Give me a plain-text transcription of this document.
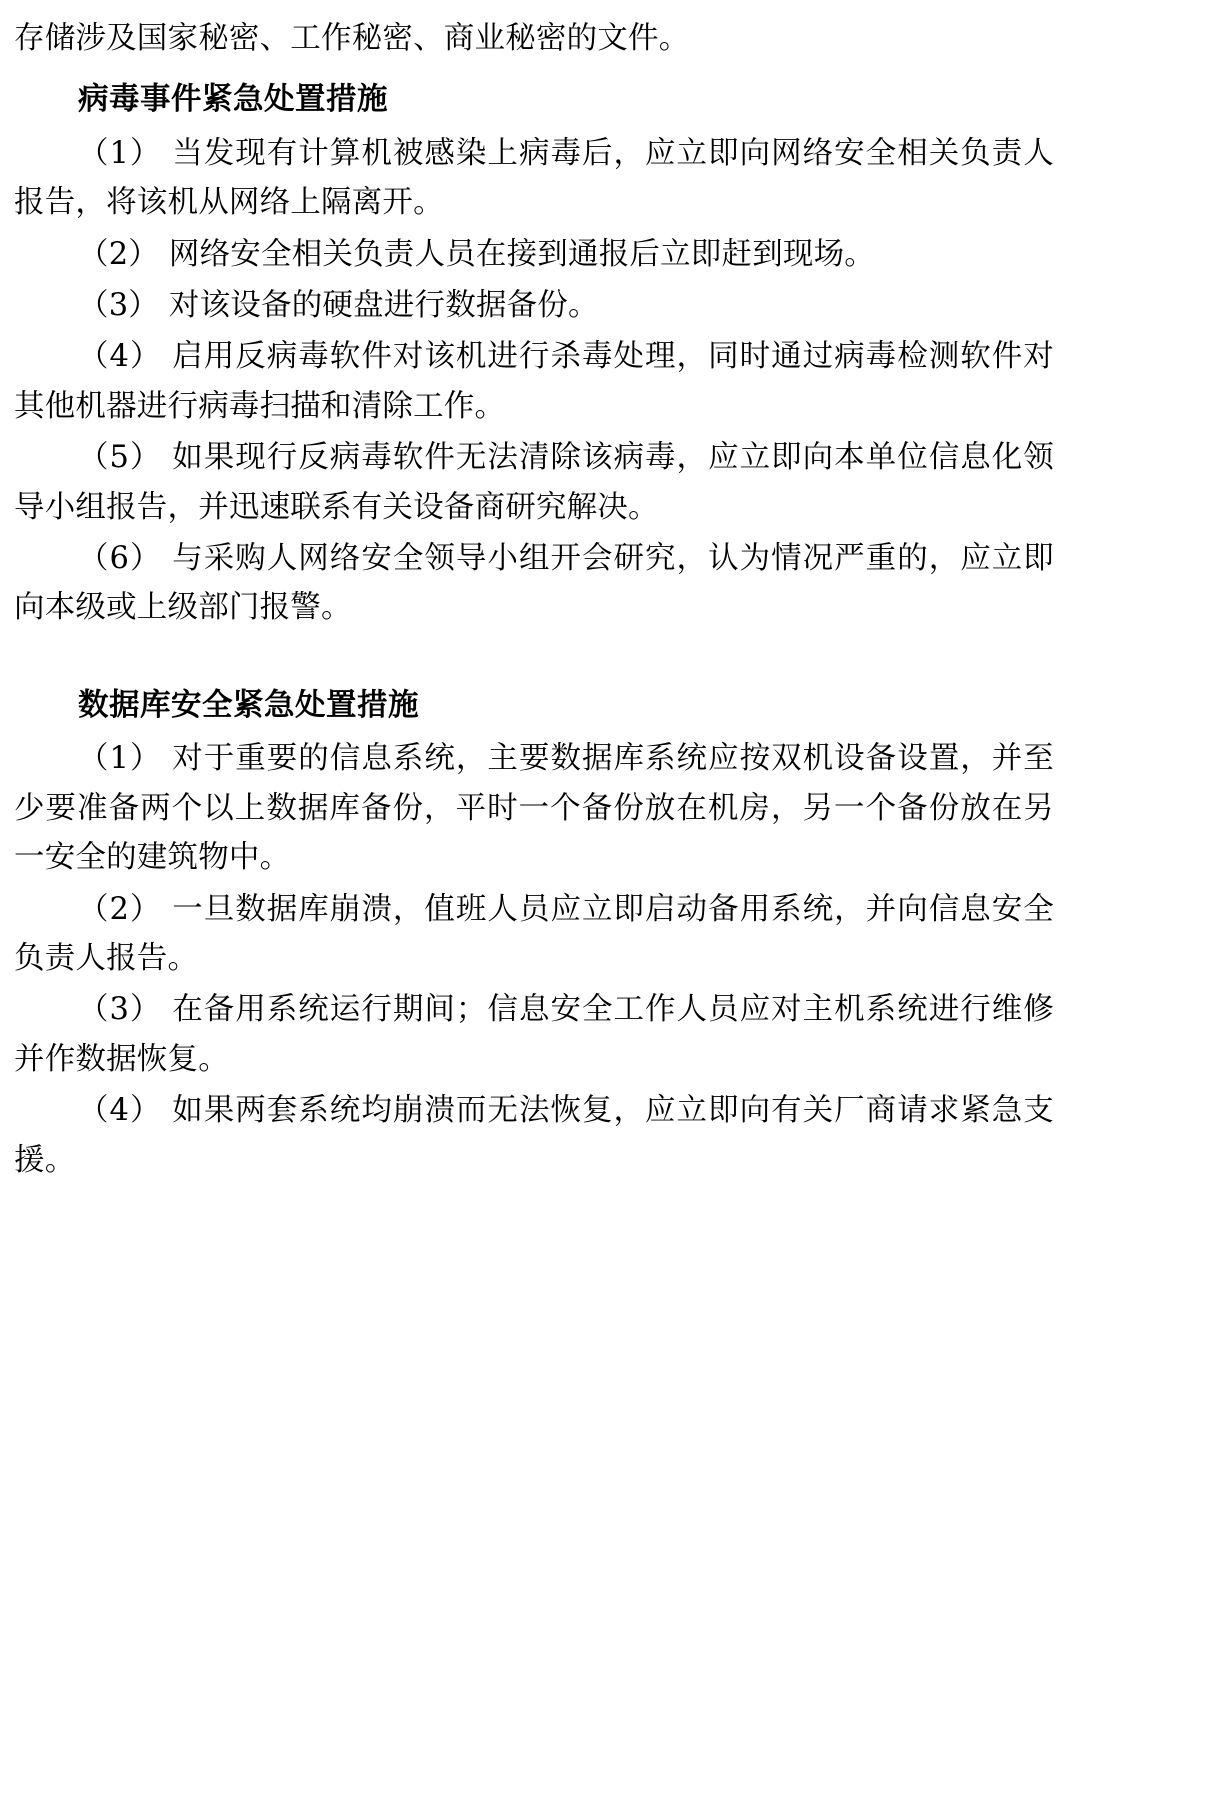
存储涉及国家秘密、工作秘密、商业秘密的文件。

病毒事件紧急处置措施

（1） 当发现有计算机被感染上病毒后，应立即向网络安全相关负责人报告，将该机从网络上隔离开。

（2） 网络安全相关负责人员在接到通报后立即赶到现场。

（3） 对该设备的硬盘进行数据备份。

（4） 启用反病毒软件对该机进行杀毒处理，同时通过病毒检测软件对其他机器进行病毒扫描和清除工作。

（5） 如果现行反病毒软件无法清除该病毒，应立即向本单位信息化领导小组报告，并迅速联系有关设备商研究解决。

（6） 与采购人网络安全领导小组开会研究，认为情况严重的，应立即向本级或上级部门报警。

数据库安全紧急处置措施

（1） 对于重要的信息系统，主要数据库系统应按双机设备设置，并至少要准备两个以上数据库备份，平时一个备份放在机房，另一个备份放在另一安全的建筑物中。

（2） 一旦数据库崩溃，值班人员应立即启动备用系统，并向信息安全负责人报告。

（3） 在备用系统运行期间；信息安全工作人员应对主机系统进行维修并作数据恢复。

（4） 如果两套系统均崩溃而无法恢复，应立即向有关厂商请求紧急支援。
